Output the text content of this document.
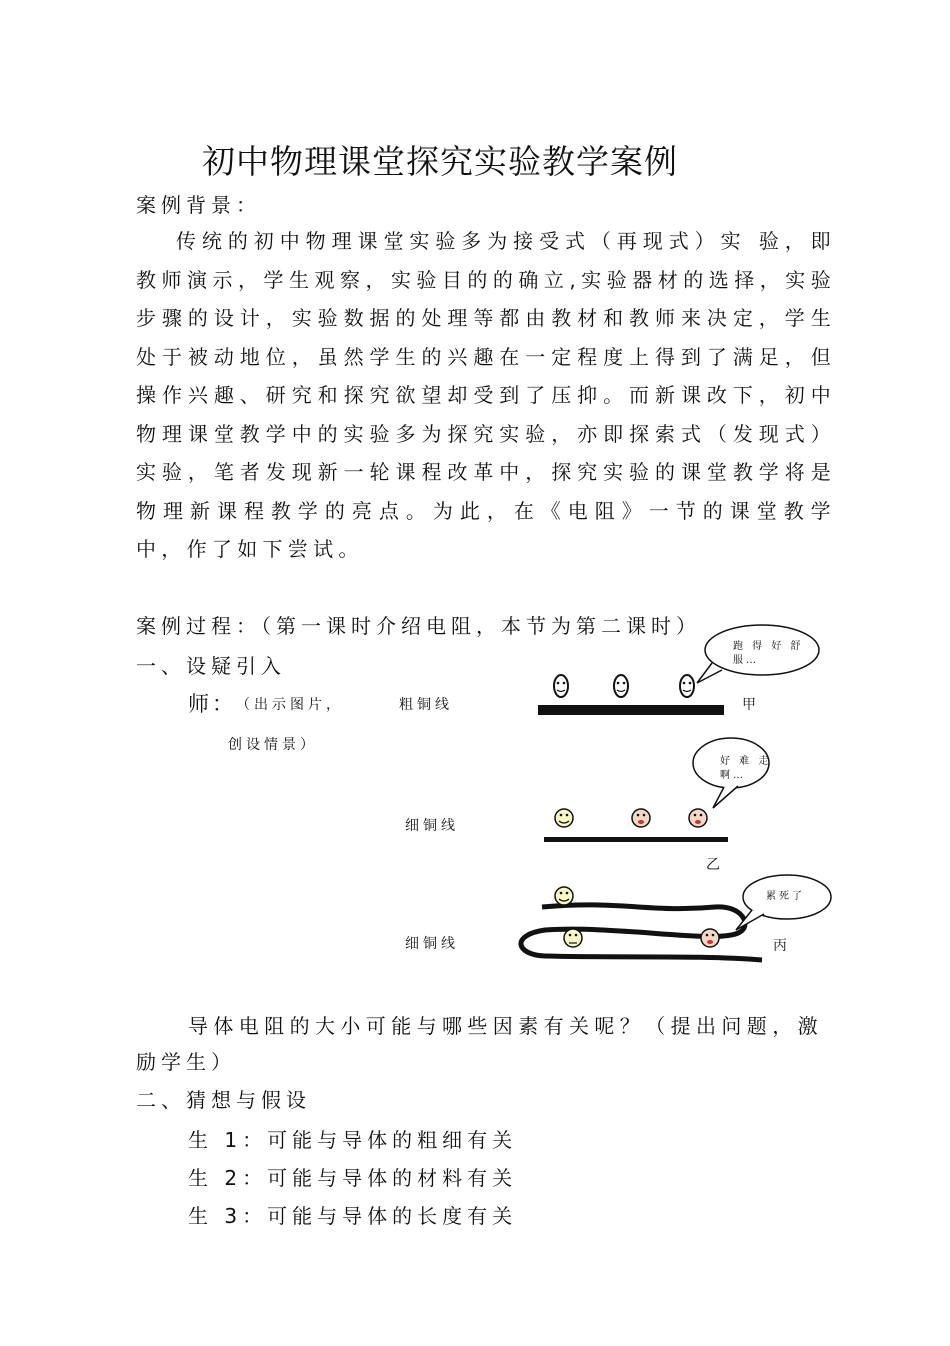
初中物理课堂探究实验教学案例
案例背景：
传统的初中物理课堂实验多为接受式（再现式）实 验，即教师演示，学生观察，实验目的的确立,实验器材的选择，实验步骤的设计，实验数据的处理等都由教材和教师来决定，学生处于被动地位，虽然学生的兴趣在一定程度上得到了满足，但操作兴趣、研究和探究欲望却受到了压抑。而新课改下，初中物理课堂教学中的实验多为探究实验，亦即探索式（发现式）实验，笔者发现新一轮课程改革中，探究实验的课堂教学将是物理新课程教学的亮点。为此，在《电阻》一节的课堂教学中，作了如下尝试。
案例过程：（第一课时介绍电阻，本节为第二课时）
一、设疑引入
师： （出示图片，
创设情景）
粗铜线
细铜线
细铜线
甲
乙
丙
跑 得 好 舒
服…
好 难 走
啊…
累死了
导体电阻的大小可能与哪些因素有关呢？（提出问题，激
励学生）
二、猜想与假设
生 1：可能与导体的粗细有关
生 2：可能与导体的材料有关
生 3：可能与导体的长度有关
